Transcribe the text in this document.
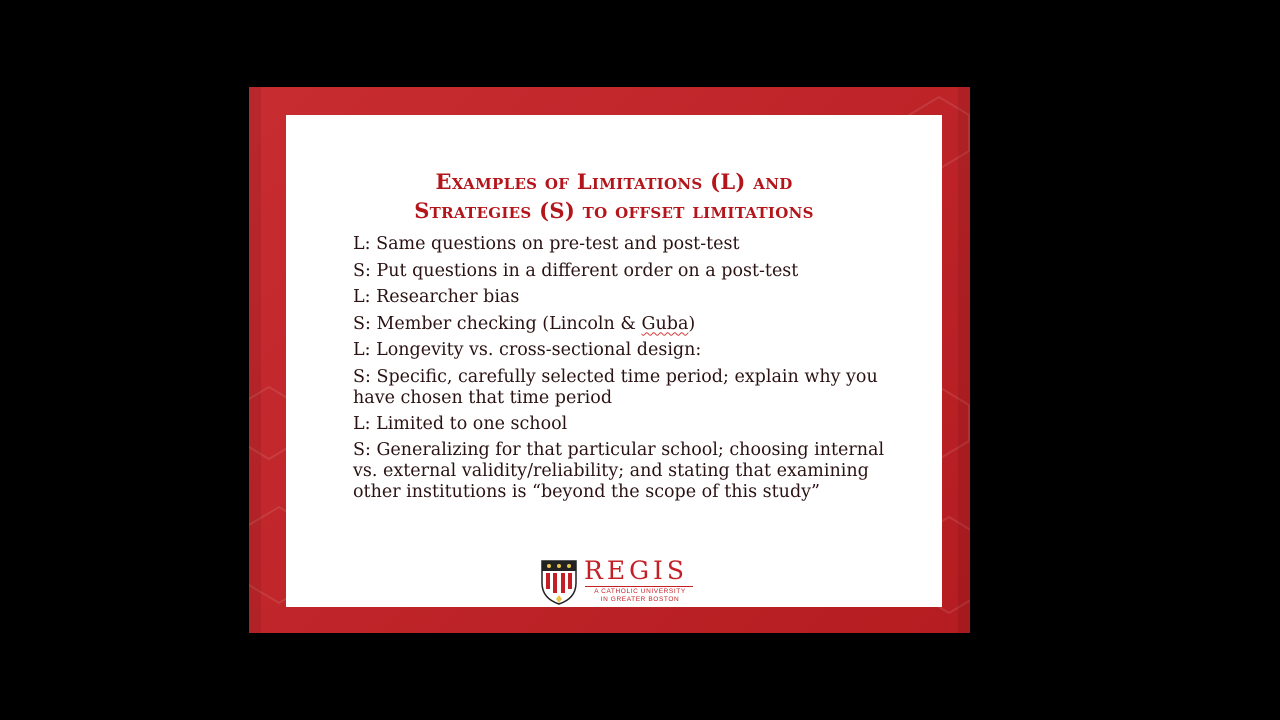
Examples of Limitations (L) and
Strategies (S) to offset limitations
L: Same questions on pre-test and post-test
S: Put questions in a different order on a post-test
L: Researcher bias
S: Member checking (Lincoln & Guba)
L: Longevity vs. cross-sectional design:
S: Specific, carefully selected time period; explain why you have chosen that time period
L: Limited to one school
S: Generalizing for that particular school; choosing internal vs. external validity/reliability; and stating that examining other institutions is “beyond the scope of this study”
REGIS
A CATHOLIC UNIVERSITY
IN GREATER BOSTON
